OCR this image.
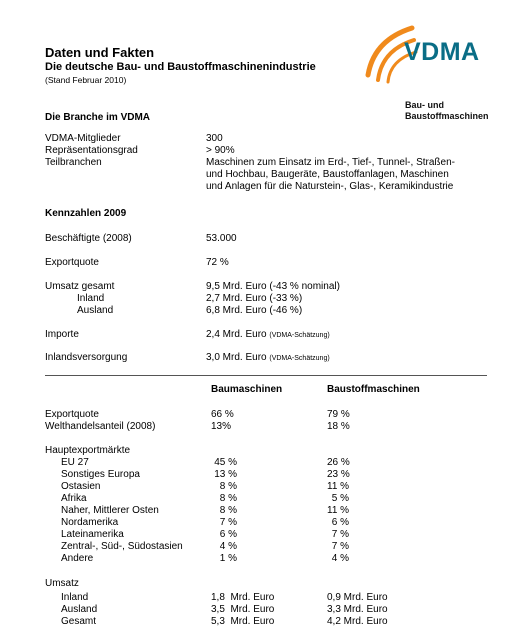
Daten und Fakten
Die deutsche Bau- und Baustoffmaschinenindustrie
(Stand Februar 2010)
VDMA
Bau- und
Baustoffmaschinen
Die Branche im VDMA
VDMA-Mitglieder	300
Repräsentationsgrad	> 90%
Teilbranchen	Maschinen zum Einsatz im Erd-, Tief-, Tunnel-, Straßen-
und Hochbau, Baugeräte, Baustoffanlagen, Maschinen
und Anlagen für die Naturstein-, Glas-, Keramikindustrie
Kennzahlen 2009
Beschäftigte (2008)	53.000
Exportquote	72 %
Umsatz gesamt	9,5 Mrd. Euro (-43 % nominal)
Inland	2,7 Mrd. Euro (-33 %)
Ausland	6,8 Mrd. Euro (-46 %)
Importe	2,4 Mrd. Euro (VDMA-Schätzung)
Inlandsversorgung	3,0 Mrd. Euro (VDMA-Schätzung)
Baumaschinen	Baustoffmaschinen
Exportquote	66 %	79 %
Welthandelsanteil (2008)	13%	18 %
Hauptexportmärkte
EU 27	45 %	26 %
Sonstiges Europa	13 %	23 %
Ostasien	8 %	11 %
Afrika	8 %	5 %
Naher, Mittlerer Osten	8 %	11 %
Nordamerika	7 %	6 %
Lateinamerika	6 %	7 %
Zentral-, Süd-, Südostasien	4 %	7 %
Andere	1 %	4 %
Umsatz
Inland	1,8  Mrd. Euro	0,9 Mrd. Euro
Ausland	3,5  Mrd. Euro	3,3 Mrd. Euro
Gesamt	5,3  Mrd. Euro	4,2 Mrd. Euro
